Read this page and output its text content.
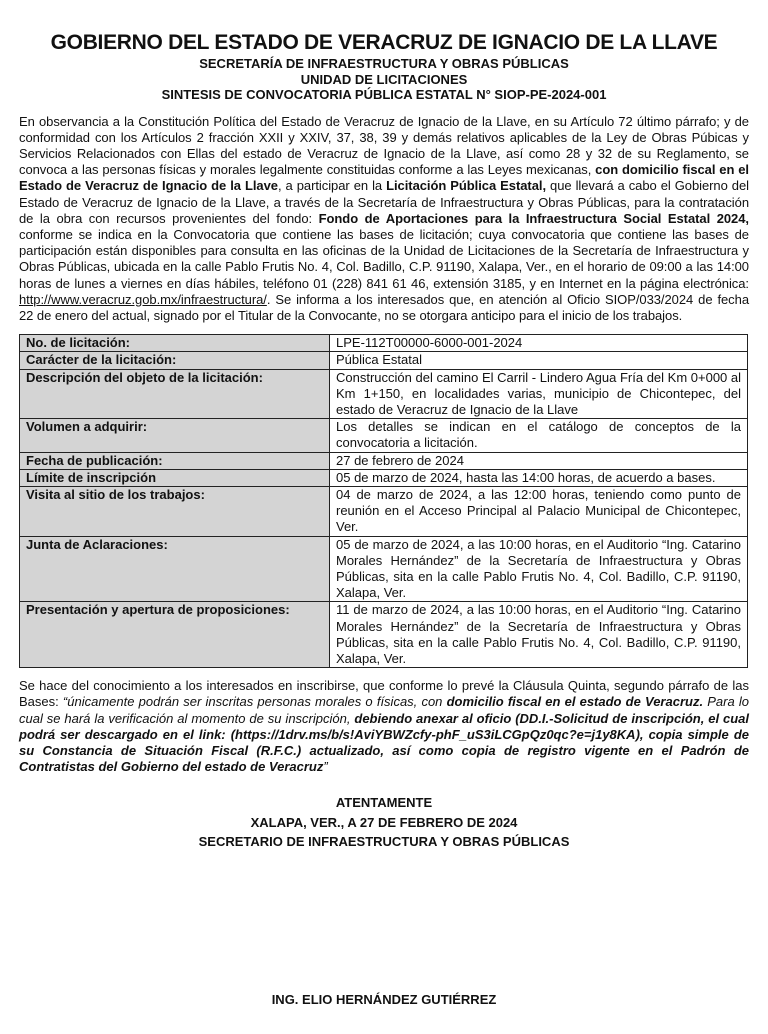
GOBIERNO DEL ESTADO DE VERACRUZ DE IGNACIO DE LA LLAVE
SECRETARÍA DE INFRAESTRUCTURA Y OBRAS PÚBLICAS
UNIDAD DE LICITACIONES
SINTESIS DE CONVOCATORIA PÚBLICA ESTATAL N° SIOP-PE-2024-001
En observancia a la Constitución Política del Estado de Veracruz de Ignacio de la Llave, en su Artículo 72 último párrafo; y de conformidad con los Artículos 2 fracción XXII y XXIV, 37, 38, 39 y demás relativos aplicables de la Ley de Obras Púbicas y Servicios Relacionados con Ellas del estado de Veracruz de Ignacio de la Llave, así como 28 y 32 de su Reglamento, se convoca a las personas físicas y morales legalmente constituidas conforme a las Leyes mexicanas, con domicilio fiscal en el Estado de Veracruz de Ignacio de la Llave, a participar en la Licitación Pública Estatal, que llevará a cabo el Gobierno del Estado de Veracruz de Ignacio de la Llave, a través de la Secretaría de Infraestructura y Obras Públicas, para la contratación de la obra con recursos provenientes del fondo: Fondo de Aportaciones para la Infraestructura Social Estatal 2024, conforme se indica en la Convocatoria que contiene las bases de licitación; cuya convocatoria que contiene las bases de participación están disponibles para consulta en las oficinas de la Unidad de Licitaciones de la Secretaría de Infraestructura y Obras Públicas, ubicada en la calle Pablo Frutis No. 4, Col. Badillo, C.P. 91190, Xalapa, Ver., en el horario de 09:00 a las 14:00 horas de lunes a viernes en días hábiles, teléfono 01 (228) 841 61 46, extensión 3185, y en Internet en la página electrónica: http://www.veracruz.gob.mx/infraestructura/. Se informa a los interesados que, en atención al Oficio SIOP/033/2024 de fecha 22 de enero del actual, signado por el Titular de la Convocante, no se otorgara anticipo para el inicio de los trabajos.
No. de licitación:	LPE-112T00000-6000-001-2024
Carácter de la licitación:	Pública Estatal
Descripción del objeto de la licitación:	Construcción del camino El Carril - Lindero Agua Fría del Km 0+000 al Km 1+150, en localidades varias, municipio de Chicontepec, del estado de Veracruz de Ignacio de la Llave
Volumen a adquirir:	Los detalles se indican en el catálogo de conceptos de la convocatoria a licitación.
Fecha de publicación:	27 de febrero de 2024
Límite de inscripción	05 de marzo de 2024, hasta las 14:00 horas, de acuerdo a bases.
Visita al sitio de los trabajos:	04 de marzo de 2024, a las 12:00 horas, teniendo como punto de reunión en el Acceso Principal al Palacio Municipal de Chicontepec, Ver.
Junta de Aclaraciones:	05 de marzo de 2024, a las 10:00 horas, en el Auditorio “Ing. Catarino Morales Hernández” de la Secretaría de Infraestructura y Obras Públicas, sita en la calle Pablo Frutis No. 4, Col. Badillo, C.P. 91190, Xalapa, Ver.
Presentación y apertura de proposiciones:	11 de marzo de 2024, a las 10:00 horas, en el Auditorio “Ing. Catarino Morales Hernández” de la Secretaría de Infraestructura y Obras Públicas, sita en la calle Pablo Frutis No. 4, Col. Badillo, C.P. 91190, Xalapa, Ver.
Se hace del conocimiento a los interesados en inscribirse, que conforme lo prevé la Cláusula Quinta, segundo párrafo de las Bases: “únicamente podrán ser inscritas personas morales o físicas, con domicilio fiscal en el estado de Veracruz. Para lo cual se hará la verificación al momento de su inscripción, debiendo anexar al oficio (DD.I.-Solicitud de inscripción, el cual podrá ser descargado en el link: (https://1drv.ms/b/s!AviYBWZcfy-phF_uS3iLCGpQz0qc?e=j1y8KA), copia simple de su Constancia de Situación Fiscal (R.F.C.) actualizado, así como copia de registro vigente en el Padrón de Contratistas del Gobierno del estado de Veracruz”
ATENTAMENTE
XALAPA, VER., A 27 DE FEBRERO DE 2024
SECRETARIO DE INFRAESTRUCTURA Y OBRAS PÚBLICAS
ING. ELIO HERNÁNDEZ GUTIÉRREZ
